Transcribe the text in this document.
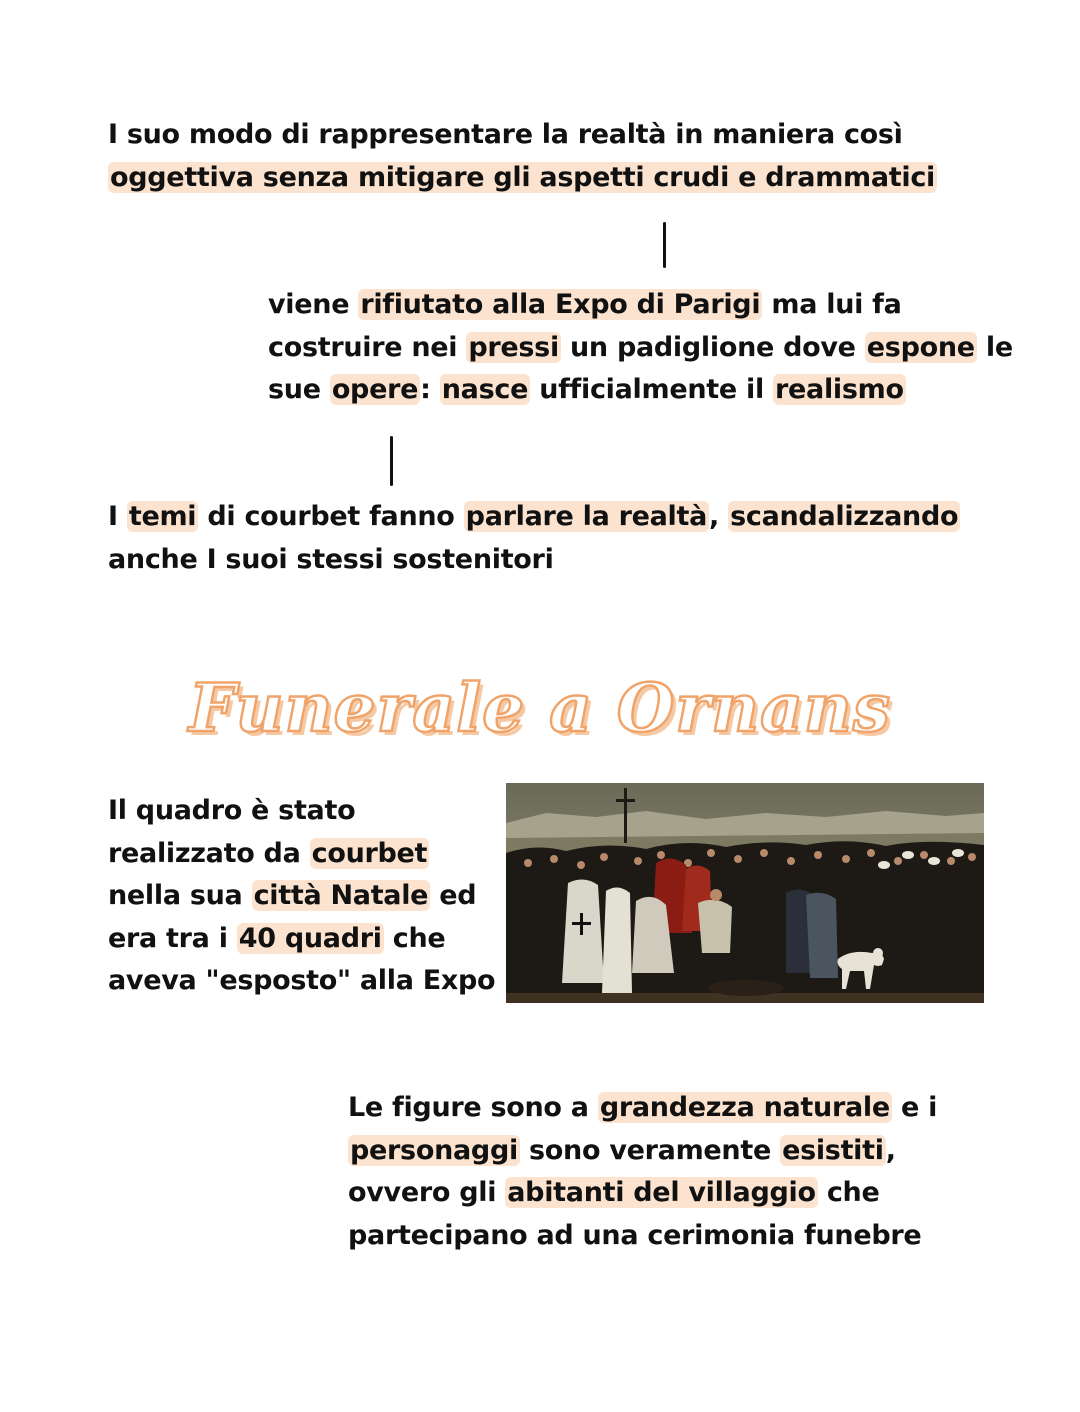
I suo modo di rappresentare la realtà in maniera così

oggettiva senza mitigare gli aspetti crudi e drammatici

viene rifiutato alla Expo di Parigi ma lui fa

costruire nei pressi un padiglione dove espone le

sue opere: nasce ufficialmente il realismo

I temi di courbet fanno parlare la realtà, scandalizzando

anche I suoi stessi sostenitori

Funerale a Ornans

Il quadro è stato

realizzato da courbet

nella sua città Natale ed

era tra i 40 quadri che

aveva "esposto" alla Expo

Le figure sono a grandezza naturale e i

personaggi sono veramente esistiti,

ovvero gli abitanti del villaggio che

partecipano ad una cerimonia funebre
